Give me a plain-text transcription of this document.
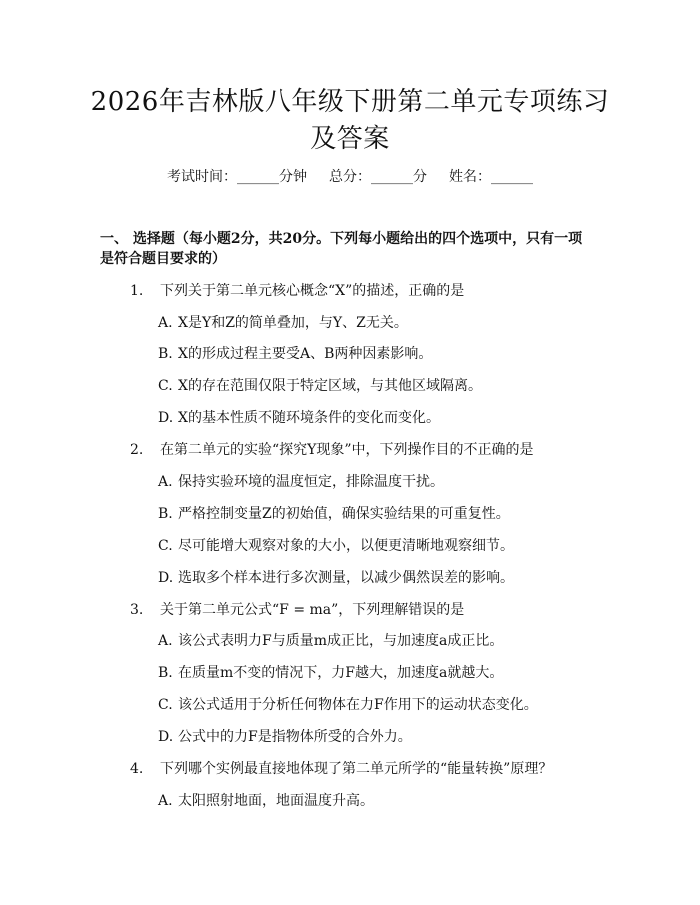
2026年吉林版八年级下册第二单元专项练习
及答案
考试时间：______分钟 总分：______分 姓名：______
一、 选择题（每小题2分，共20分。下列每小题给出的四个选项中，只有一项
是符合题目要求的）
1. 下列关于第二单元核心概念“X”的描述，正确的是
A. X是Y和Z的简单叠加，与Y、Z无关。
B. X的形成过程主要受A、B两种因素影响。
C. X的存在范围仅限于特定区域，与其他区域隔离。
D. X的基本性质不随环境条件的变化而变化。
2. 在第二单元的实验“探究Y现象”中，下列操作目的不正确的是
A. 保持实验环境的温度恒定，排除温度干扰。
B. 严格控制变量Z的初始值，确保实验结果的可重复性。
C. 尽可能增大观察对象的大小，以便更清晰地观察细节。
D. 选取多个样本进行多次测量，以减少偶然误差的影响。
3. 关于第二单元公式“F = ma”，下列理解错误的是
A. 该公式表明力F与质量m成正比，与加速度a成正比。
B. 在质量m不变的情况下，力F越大，加速度a就越大。
C. 该公式适用于分析任何物体在力F作用下的运动状态变化。
D. 公式中的力F是指物体所受的合外力。
4. 下列哪个实例最直接地体现了第二单元所学的“能量转换”原理？
A. 太阳照射地面，地面温度升高。
